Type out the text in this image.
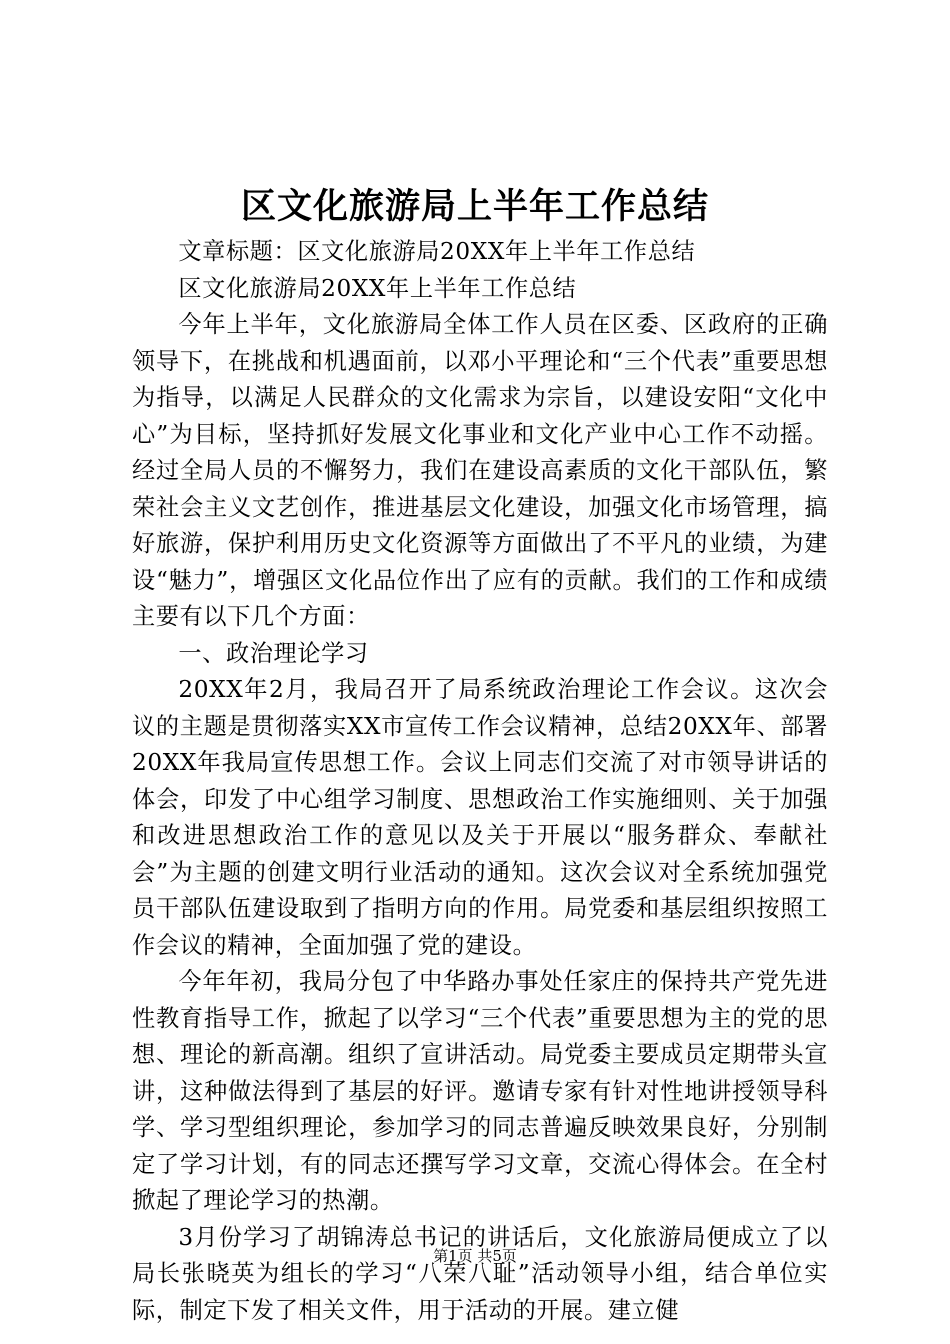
区文化旅游局上半年工作总结

文章标题：区文化旅游局20XX年上半年工作总结

区文化旅游局20XX年上半年工作总结

今年上半年，文化旅游局全体工作人员在区委、区政府的正确领导下，在挑战和机遇面前，以邓小平理论和“三个代表”重要思想为指导，以满足人民群众的文化需求为宗旨，以建设安阳“文化中心”为目标，坚持抓好发展文化事业和文化产业中心工作不动摇。经过全局人员的不懈努力，我们在建设高素质的文化干部队伍，繁荣社会主义文艺创作，推进基层文化建设，加强文化市场管理，搞好旅游，保护利用历史文化资源等方面做出了不平凡的业绩，为建设“魅力”，增强区文化品位作出了应有的贡献。我们的工作和成绩主要有以下几个方面：

一、政治理论学习

20XX年2月，我局召开了局系统政治理论工作会议。这次会议的主题是贯彻落实XX市宣传工作会议精神，总结20XX年、部署20XX年我局宣传思想工作。会议上同志们交流了对市领导讲话的体会，印发了中心组学习制度、思想政治工作实施细则、关于加强和改进思想政治工作的意见以及关于开展以“服务群众、奉献社会”为主题的创建文明行业活动的通知。这次会议对全系统加强党员干部队伍建设取到了指明方向的作用。局党委和基层组织按照工作会议的精神，全面加强了党的建设。

今年年初，我局分包了中华路办事处任家庄的保持共产党先进性教育指导工作，掀起了以学习“三个代表”重要思想为主的党的思想、理论的新高潮。组织了宣讲活动。局党委主要成员定期带头宣讲，这种做法得到了基层的好评。邀请专家有针对性地讲授领导科学、学习型组织理论，参加学习的同志普遍反映效果良好，分别制定了学习计划，有的同志还撰写学习文章，交流心得体会。在全村掀起了理论学习的热潮。

3月份学习了胡锦涛总书记的讲话后，文化旅游局便成立了以局长张晓英为组长的学习“八荣八耻”活动领导小组，结合单位实际，制定下发了相关文件，用于活动的开展。建立健

第1页 共5页
